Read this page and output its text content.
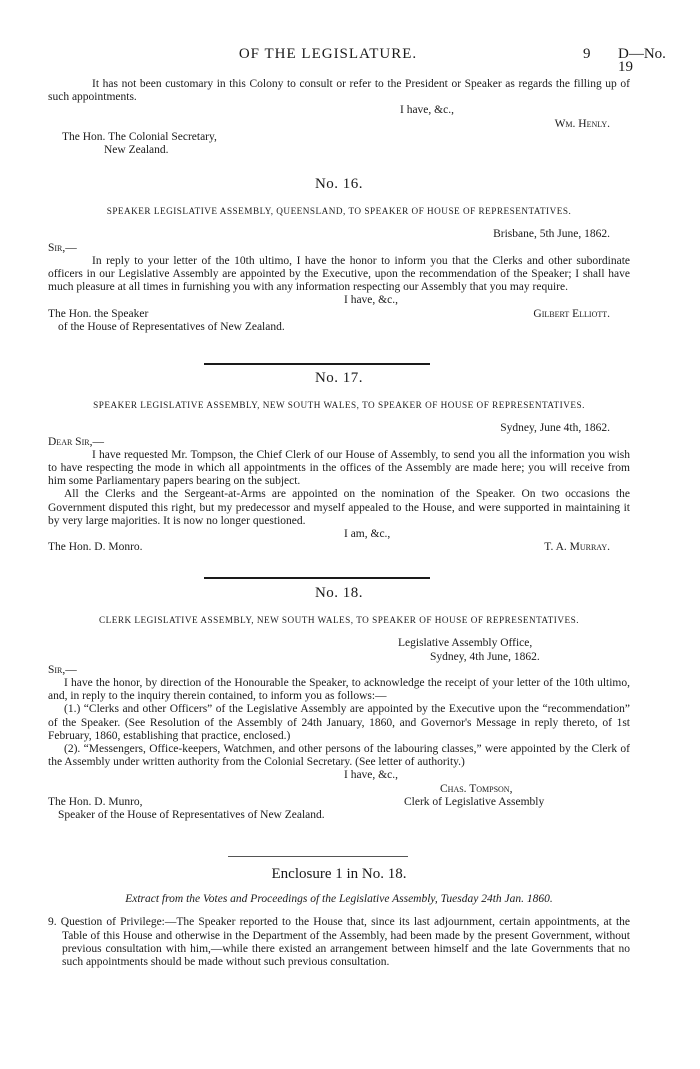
OF THE LEGISLATURE.	9 D—No. 19

It has not been customary in this Colony to consult or refer to the President or Speaker as regards the filling up of such appointments.

I have, &c.,

Wm. Henly.

The Hon. The Colonial Secretary,

New Zealand.

No. 16.

SPEAKER LEGISLATIVE ASSEMBLY, QUEENSLAND, TO SPEAKER OF HOUSE OF REPRESENTATIVES.

Brisbane, 5th June, 1862.

Sir,—

In reply to your letter of the 10th ultimo, I have the honor to inform you that the Clerks and other subordinate officers in our Legislative Assembly are appointed by the Executive, upon the recommendation of the Speaker; I shall have much pleasure at all times in furnishing you with any information respecting our Assembly that you may require.

I have, &c.,

The Hon. the Speaker	Gilbert Elliott.

of the House of Representatives of New Zealand.

No. 17.

SPEAKER LEGISLATIVE ASSEMBLY, NEW SOUTH WALES, TO SPEAKER OF HOUSE OF REPRESENTATIVES.

Sydney, June 4th, 1862.

Dear Sir,—

I have requested Mr. Tompson, the Chief Clerk of our House of Assembly, to send you all the information you wish to have respecting the mode in which all appointments in the offices of the Assembly are made here; you will receive from him some Parliamentary papers bearing on the subject.

All the Clerks and the Sergeant-at-Arms are appointed on the nomination of the Speaker. On two occasions the Government disputed this right, but my predecessor and myself appealed to the House, and were supported in maintaining it by very large majorities. It is now no longer questioned.

I am, &c.,

The Hon. D. Monro.	T. A. Murray.

No. 18.

CLERK LEGISLATIVE ASSEMBLY, NEW SOUTH WALES, TO SPEAKER OF HOUSE OF REPRESENTATIVES.

Legislative Assembly Office,

Sydney, 4th June, 1862.

Sir,—

I have the honor, by direction of the Honourable the Speaker, to acknowledge the receipt of your letter of the 10th ultimo, and, in reply to the inquiry therein contained, to inform you as follows:—

(1.) “Clerks and other Officers” of the Legislative Assembly are appointed by the Executive upon the “recommendation” of the Speaker. (See Resolution of the Assembly of 24th January, 1860, and Governor's Message in reply thereto, of 1st February, 1860, establishing that practice, enclosed.)

(2). “Messengers, Office-keepers, Watchmen, and other persons of the labouring classes,” were appointed by the Clerk of the Assembly under written authority from the Colonial Secretary. (See letter of authority.)

I have, &c.,

Chas. Tompson,

The Hon. D. Munro,	Clerk of Legislative Assembly

Speaker of the House of Representatives of New Zealand.

Enclosure 1 in No. 18.

Extract from the Votes and Proceedings of the Legislative Assembly, Tuesday 24th Jan. 1860.

9. Question of Privilege:—The Speaker reported to the House that, since its last adjournment, certain appointments, at the Table of this House and otherwise in the Department of the Assembly, had been made by the present Government, without previous consultation with him,—while there existed an arrangement between himself and the late Governments that no such appointments should be made without such previous consultation.
